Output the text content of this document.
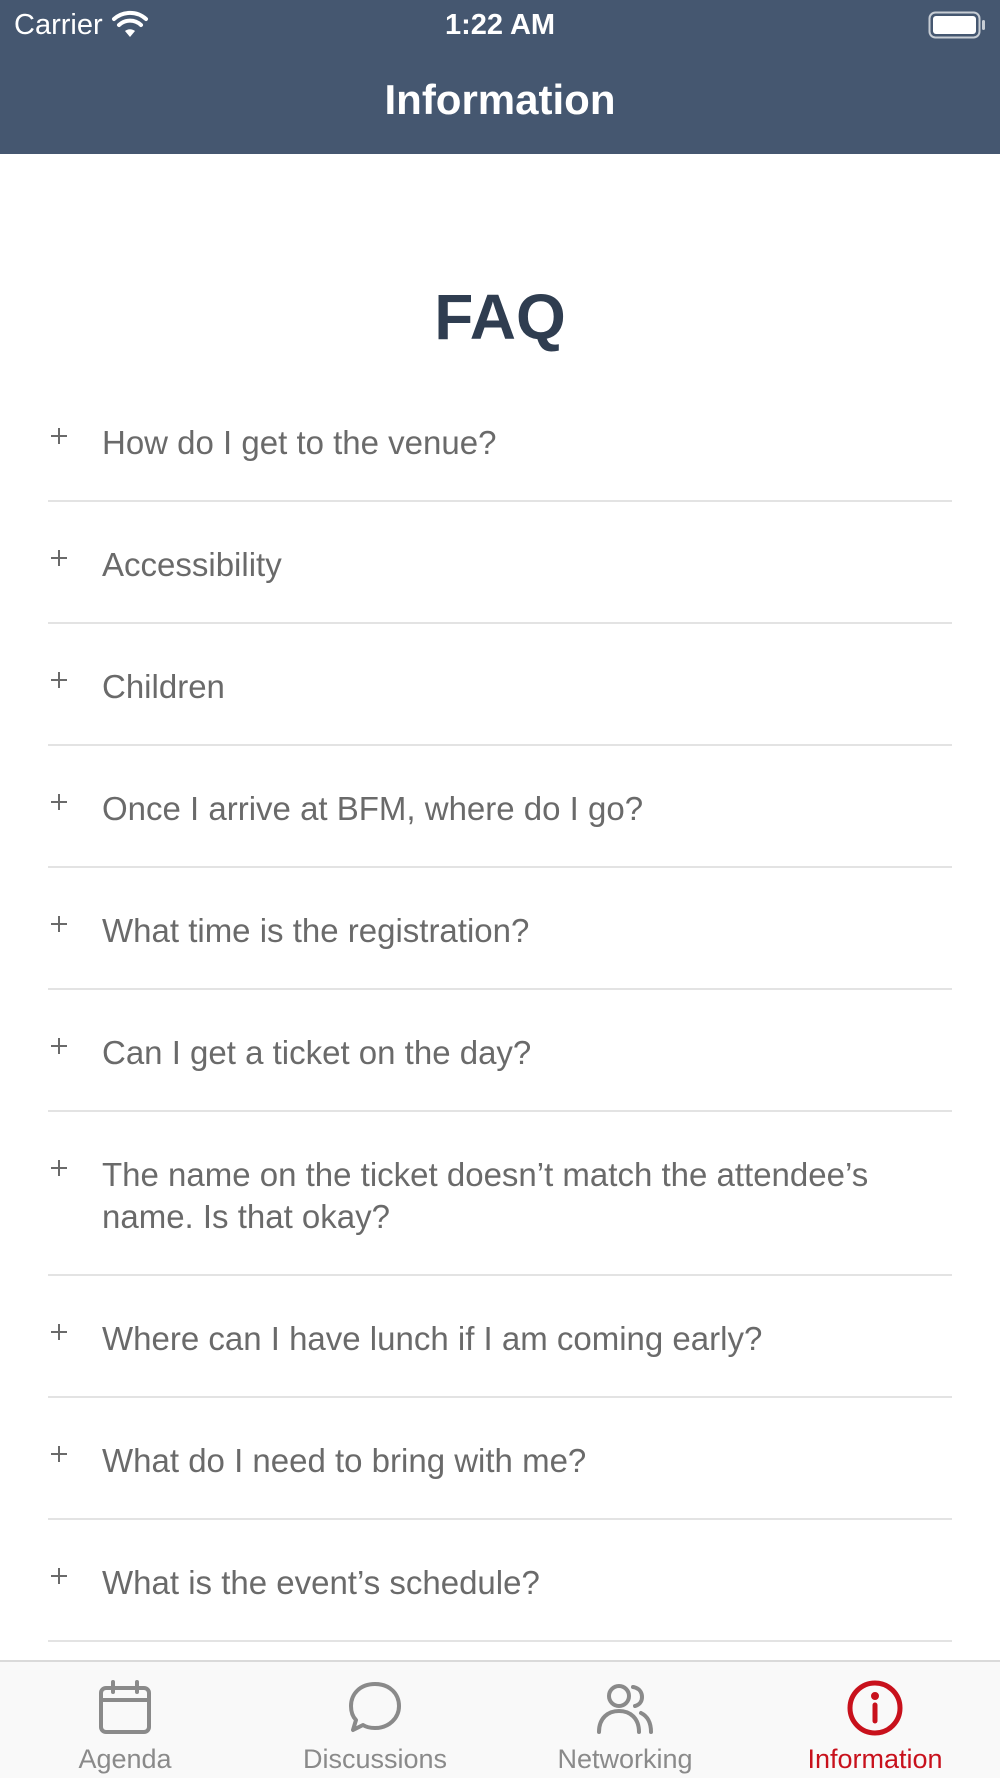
Carrier	1:22 AM
Information
FAQ
How do I get to the venue?
Accessibility
Children
Once I arrive at BFM, where do I go?
What time is the registration?
Can I get a ticket on the day?
The name on the ticket doesn’t match the attendee’s name. Is that okay?
Where can I have lunch if I am coming early?
What do I need to bring with me?
What is the event’s schedule?
Agenda	Discussions	Networking	Information
